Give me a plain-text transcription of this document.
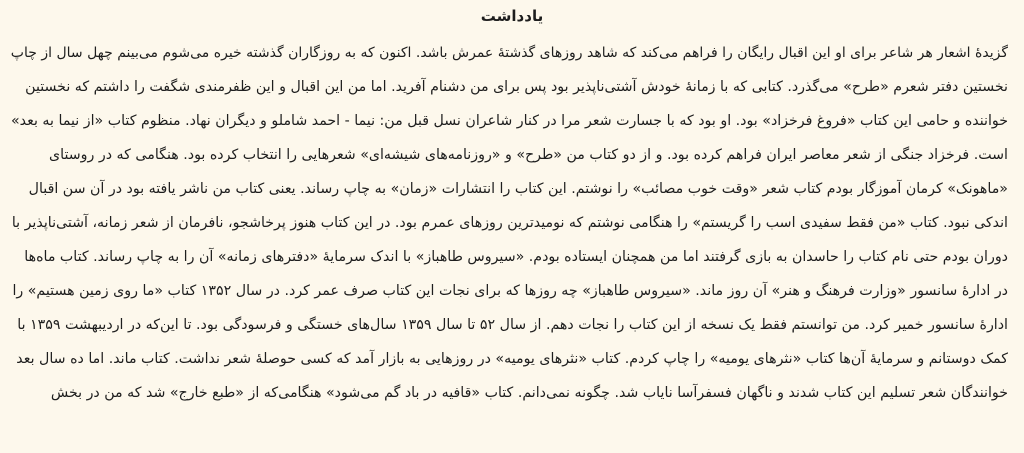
یادداشت
گزیدهٔ اشعار هر شاعر برای او این اقبال رایگان را فراهم می‌کند که شاهد روزهای گذشتهٔ عمرش باشد. اکنون که به روزگاران گذشته خیره می‌شوم می‌بینم چهل سال از چاپ
نخستین دفتر شعرم «طرح» می‌گذرد. کتابی که با زمانهٔ خودش آشتی‌ناپذیر بود پس برای من دشنام آفرید. اما من این اقبال و این ظفرمندی شگفت را داشتم که نخستین
خواننده و حامی این کتاب «فروغ فرخزاد» بود. او بود که با جسارت شعر مرا در کنار شاعران نسل قبل من: نیما - احمد شاملو و دیگران نهاد. منظوم کتاب «از نیما به بعد»
است. فرخزاد جنگی از شعر معاصر ایران فراهم کرده بود. و از دو کتاب من «طرح» و «روزنامه‌های شیشه‌ای» شعرهایی را انتخاب کرده بود. هنگامی که در روستای
«ماهونک» کرمان آموزگار بودم کتاب شعر «وقت خوب مصائب» را نوشتم. این کتاب را انتشارات «زمان» به چاپ رساند. یعنی کتاب من ناشر یافته بود در آن سن اقبال
اندکی نبود. کتاب «من فقط سفیدی اسب را گریستم» را هنگامی نوشتم که نومیدترین روزهای عمرم بود. در این کتاب هنوز پرخاشجو، نافرمان از شعر زمانه، آشتی‌ناپذیر با
دوران بودم حتی نام کتاب را حاسدان به بازی گرفتند اما من همچنان ایستاده بودم. «سیروس طاهباز» با اندک سرمایهٔ «دفترهای زمانه» آن را به چاپ رساند. کتاب ماه‌ها
در ادارهٔ سانسور «وزارت فرهنگ و هنر» آن روز ماند. «سیروس طاهباز» چه روزها که برای نجات این کتاب صرف عمر کرد. در سال ۱۳۵۲ کتاب «ما روی زمین هستیم» را
ادارهٔ سانسور خمیر کرد. من توانستم فقط یک نسخه از این کتاب را نجات دهم. از سال ۵۲ تا سال ۱۳۵۹ سال‌های خستگی و فرسودگی بود. تا این‌که در اردیبهشت ۱۳۵۹ با
کمک دوستانم و سرمایهٔ آن‌ها کتاب «نثرهای یومیه» را چاپ کردم. کتاب «نثرهای یومیه» در روزهایی به بازار آمد که کسی حوصلهٔ شعر نداشت. کتاب ماند. اما ده سال بعد
خوانندگان شعر تسلیم این کتاب شدند و ناگهان فسفرآسا نایاب شد. چگونه نمی‌دانم. کتاب «قافیه در باد گم می‌شود» هنگامی‌که از «طبع خارج» شد که من در بخش
